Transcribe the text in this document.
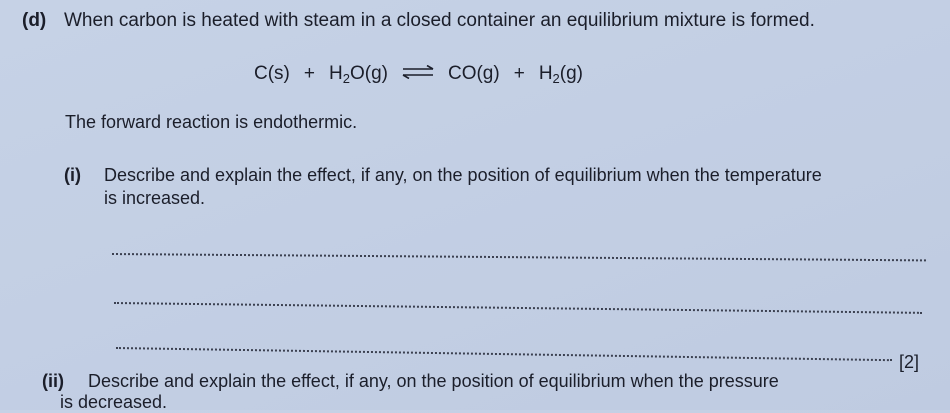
(d) When carbon is heated with steam in a closed container an equilibrium mixture is formed.
$C(s) + H_2O(g)$ ⇌ $CO(g) + H_2(g)$
The forward reaction is endothermic.
(i) Describe and explain the effect, if any, on the position of equilibrium when the temperature
is increased.
[2]
(ii) Describe and explain the effect, if any, on the position of equilibrium when the pressure
is decreased.
